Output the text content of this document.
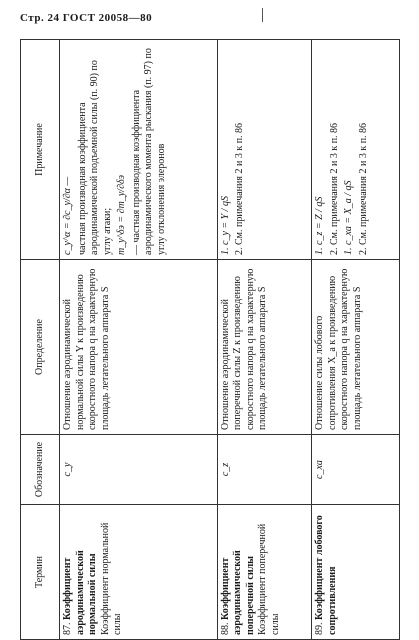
Стр. 24 ГОСТ 20058—80
Термин	Обозначение	Определение	Примечание
87. Коэффициент аэродинамической нормальной силы Коэффициент нормальной силы	c_y	Отношение аэродинамической нормальной силы Y к произведению скоростного напора q на характерную площадь летательного аппарата S	c_y^α = ∂c_y/∂α — частная производная коэффициента аэродинамической подъемной силы (п. 90) по углу атаки; m_y^δэ = ∂m_y/∂δэ — частная производная коэффициента аэродинамического момента рыскания (п. 97) по углу отклонения элеронов

88. Коэффициент аэродинамической поперечной силы Коэффициент поперечной силы	c_z	Отношение аэродинамической поперечной силы Z к произведению скоростного напора q на характерную площадь летательного аппарата S	1. c_y = Y / qS 2. См. примечания 2 и 3 к п. 86

89. Коэффициент лобового сопротивления	c_xa	Отношение силы лобового сопротивления X_a к произведению скоростного напора q на характерную площадь летательного аппарата S	1. c_z = Z / qS 2. См. примечания 2 и 3 к п. 86 1. c_xa = X_a / qS 2. См. примечания 2 и 3 к п. 86
